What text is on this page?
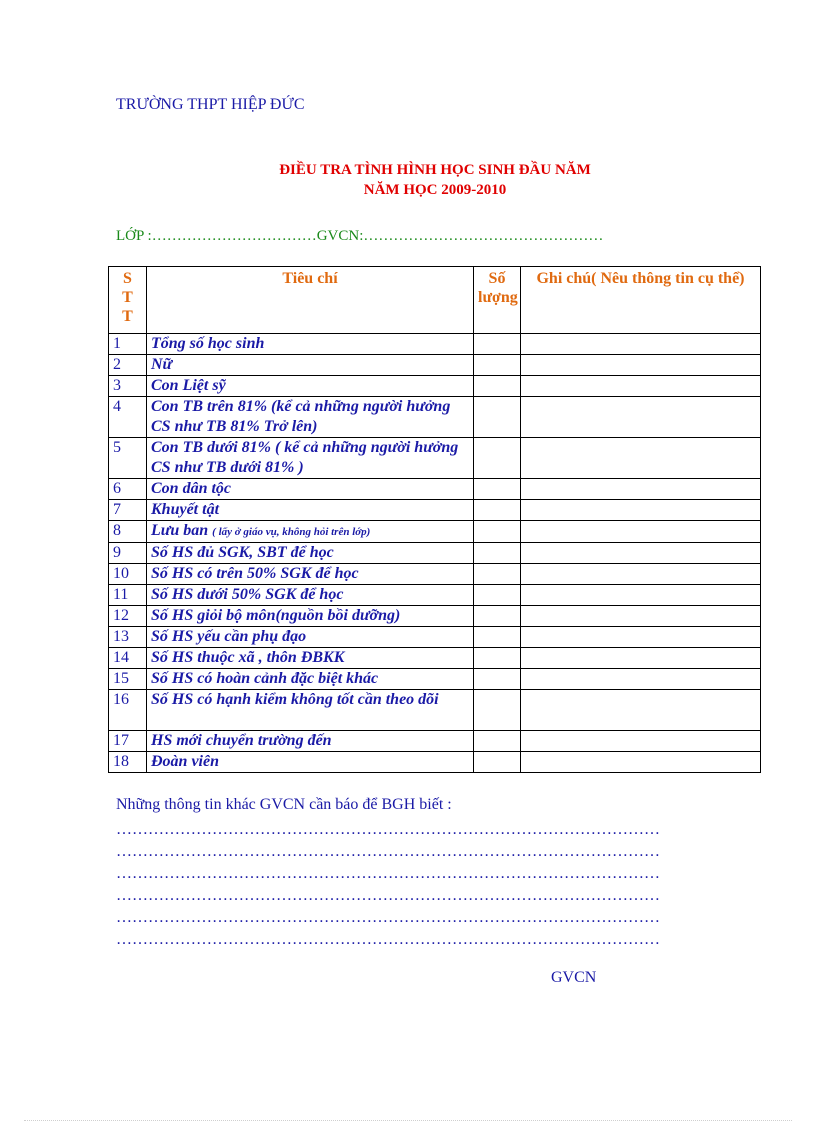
TRƯỜNG THPT HIỆP ĐỨC
ĐIỀU TRA TÌNH HÌNH HỌC SINH ĐẦU NĂM
NĂM HỌC 2009-2010
LỚP :……………………………GVCN:…………………………………………
S
T
T	Tiêu chí	Số lượng	Ghi chú( Nêu thông tin cụ thể)
1	Tổng số học sinh		
2	Nữ		
3	Con Liệt sỹ		
4	Con TB trên 81% (kể cả những người hưởng CS như TB 81% Trở lên)		
5	Con TB dưới 81% ( kể cả những người hưởng CS như TB dưới 81% )		
6	Con dân tộc		
7	Khuyết tật		
8	Lưu ban ( lấy ở giáo vụ, không hỏi trên lớp)		
9	Số HS đủ SGK, SBT để học		
10	Số HS có trên 50% SGK để học		
11	Số HS dưới 50% SGK để học		
12	Số HS giỏi bộ môn(nguồn bồi dưỡng)		
13	Số HS yếu cần phụ đạo		
14	Số HS thuộc xã , thôn ĐBKK		
15	Số HS có hoàn cảnh đặc biệt khác		
16	Số HS có hạnh kiểm không tốt cần theo dõi		
17	HS mới chuyển trường đến		
18	Đoàn viên		
Những thông tin khác GVCN cần báo để BGH biết :
…………………………………………………………………………………………
…………………………………………………………………………………………
…………………………………………………………………………………………
…………………………………………………………………………………………
…………………………………………………………………………………………
…………………………………………………………………………………………
GVCN
